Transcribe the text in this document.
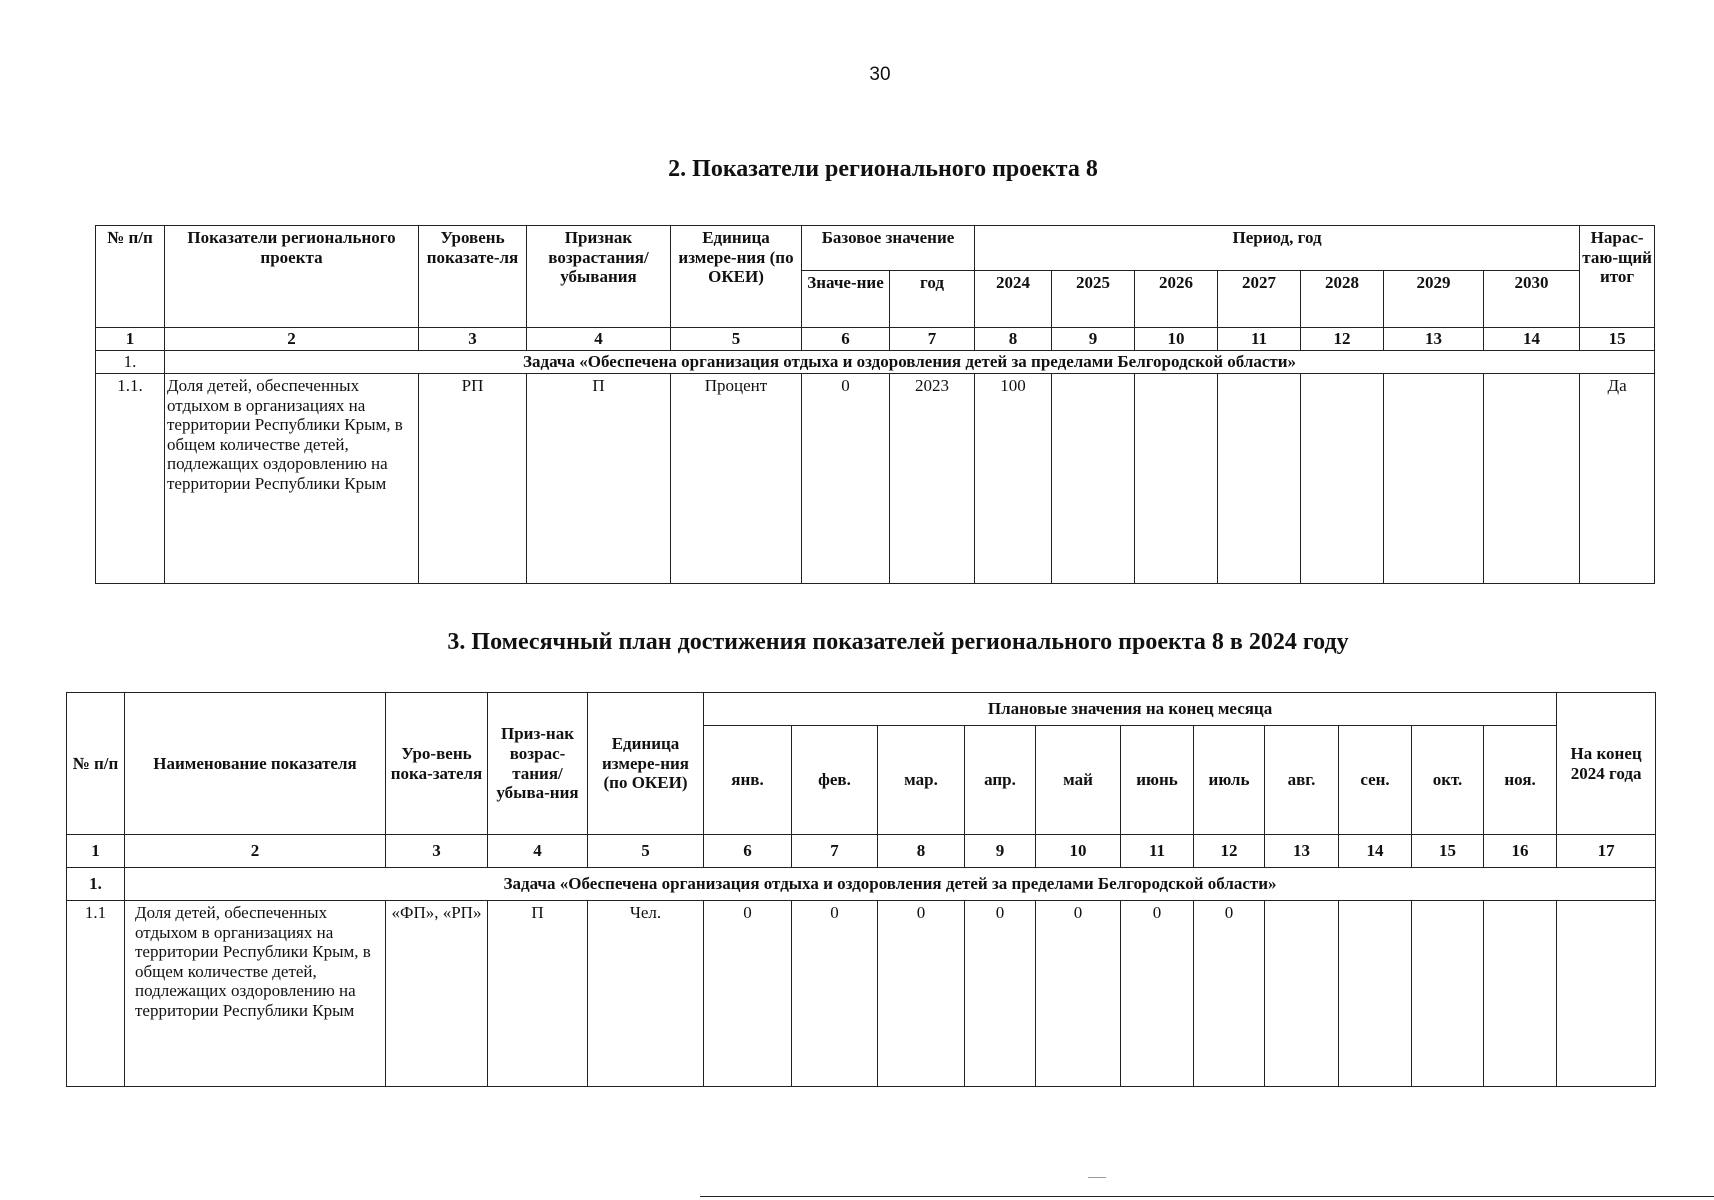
30
2. Показатели регионального проекта 8
№ п/п	Показатели регионального проекта	Уровень показате-ля	Признак возрастания/ убывания	Единица измере-ния (по ОКЕИ)	Базовое значение		Период, год							Нарас-таю-щий итог
					Значе-ние	год	2024	2025	2026	2027	2028	2029	2030	
1	2	3	4	5	6	7	8	9	10	11	12	13	14	15
1.	Задача «Обеспечена организация отдыха и оздоровления детей за пределами Белгородской области»													
1.1.	Доля детей, обеспеченных отдыхом в организациях на территории Республики Крым, в общем количестве детей, подлежащих оздоровлению на территории Республики Крым	РП	П	Процент	0	2023	100							Да
3. Помесячный план достижения показателей регионального проекта 8 в 2024 году
№ п/п	Наименование показателя	Уро-вень пока-зателя	Приз-нак возрас-тания/ убыва-ния	Единица измере-ния (по ОКЕИ)	Плановые значения на конец месяца											На конец 2024 года
					янв.	фев.	мар.	апр.	май	июнь	июль	авг.	сен.	окт.	ноя.	
1	2	3	4	5	6	7	8	9	10	11	12	13	14	15	16	17
1.	Задача «Обеспечена организация отдыха и оздоровления детей за пределами Белгородской области»															
1.1	Доля детей, обеспеченных отдыхом в организациях на территории Республики Крым, в общем количестве детей, подлежащих оздоровлению на территории Республики Крым	«ФП», «РП»	П	Чел.	0	0	0	0	0	0	0					
